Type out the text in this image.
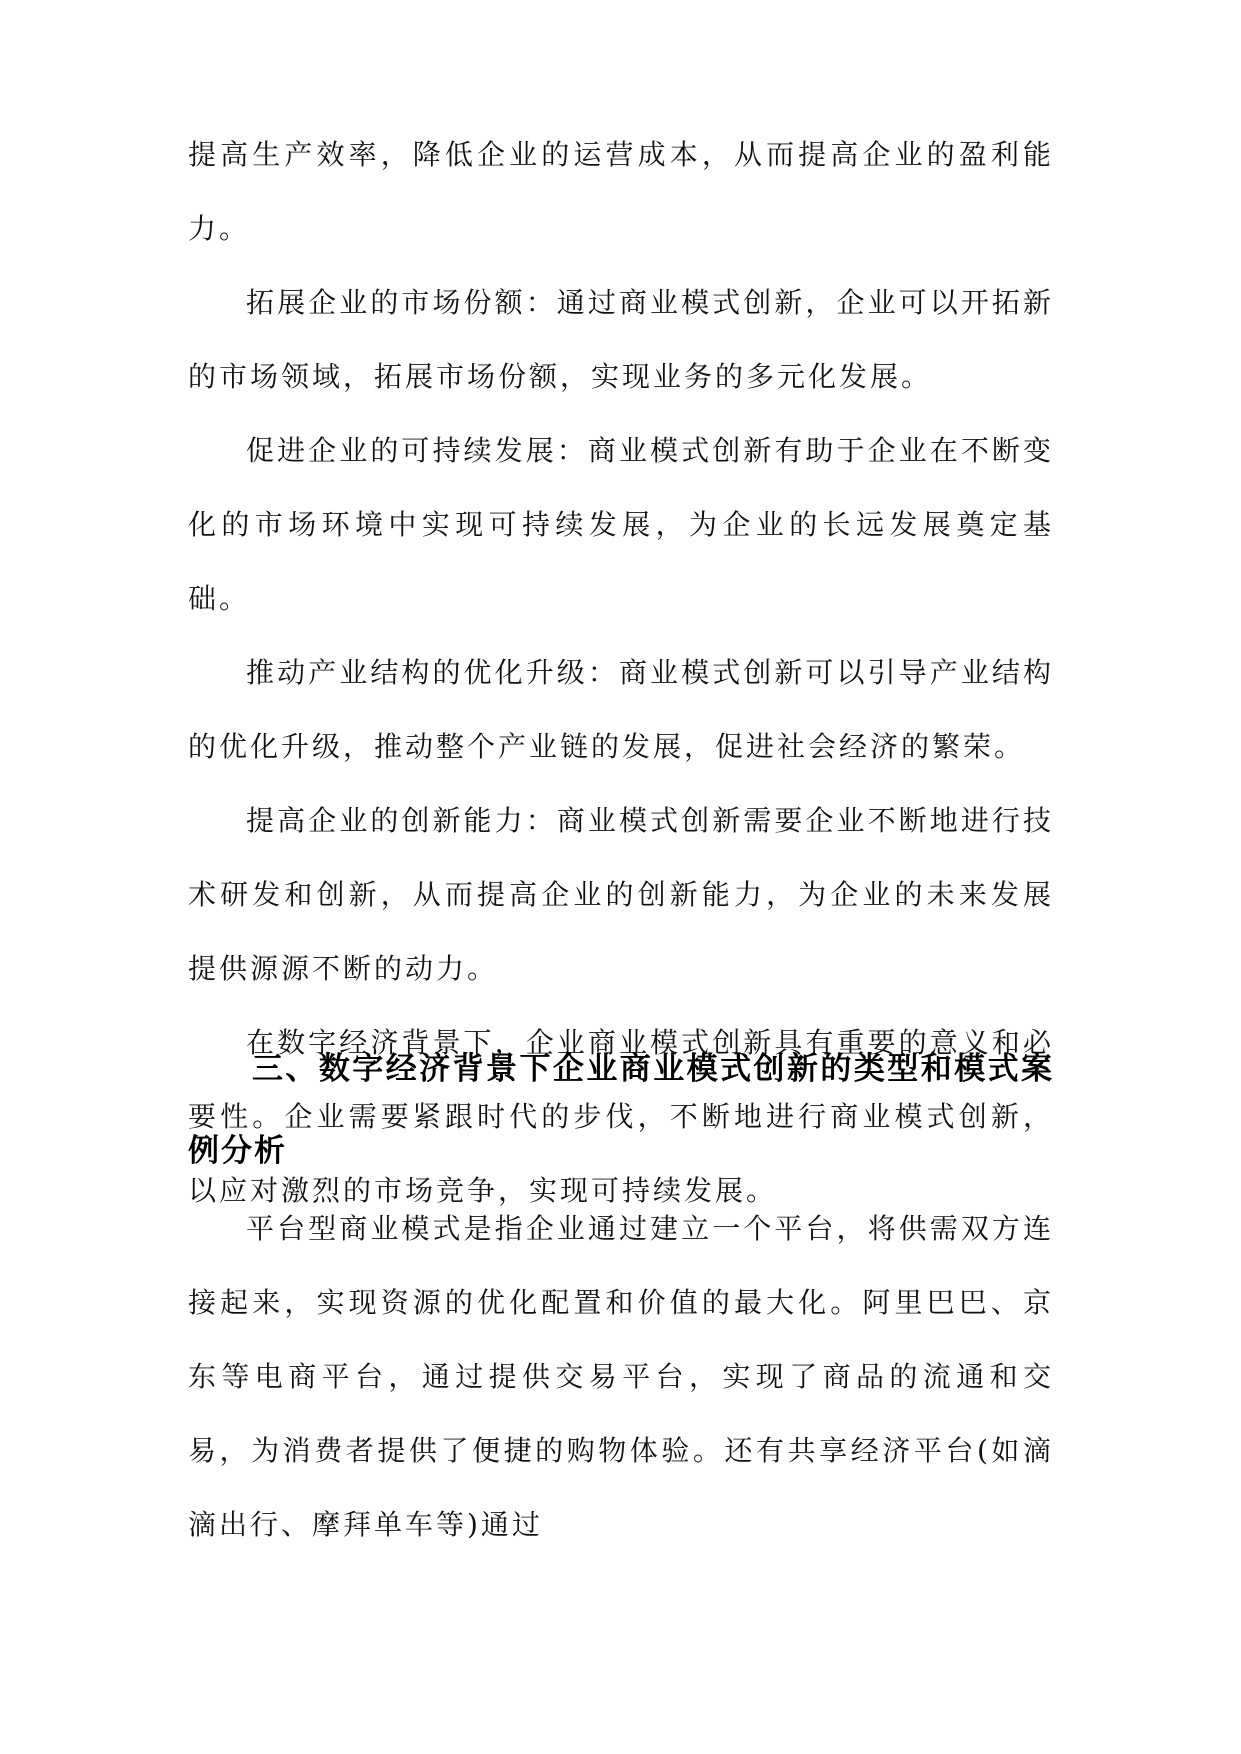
提高生产效率，降低企业的运营成本，从而提高企业的盈利能力。

拓展企业的市场份额：通过商业模式创新，企业可以开拓新的市场领域，拓展市场份额，实现业务的多元化发展。

促进企业的可持续发展：商业模式创新有助于企业在不断变化的市场环境中实现可持续发展，为企业的长远发展奠定基础。

推动产业结构的优化升级：商业模式创新可以引导产业结构的优化升级，推动整个产业链的发展，促进社会经济的繁荣。

提高企业的创新能力：商业模式创新需要企业不断地进行技术研发和创新，从而提高企业的创新能力，为企业的未来发展提供源源不断的动力。

在数字经济背景下，企业商业模式创新具有重要的意义和必要性。企业需要紧跟时代的步伐，不断地进行商业模式创新，以应对激烈的市场竞争，实现可持续发展。

三、数字经济背景下企业商业模式创新的类型和模式案例分析

平台型商业模式是指企业通过建立一个平台，将供需双方连接起来，实现资源的优化配置和价值的最大化。阿里巴巴、京东等电商平台，通过提供交易平台，实现了商品的流通和交易，为消费者提供了便捷的购物体验。还有共享经济平台(如滴滴出行、摩拜单车等)通过
